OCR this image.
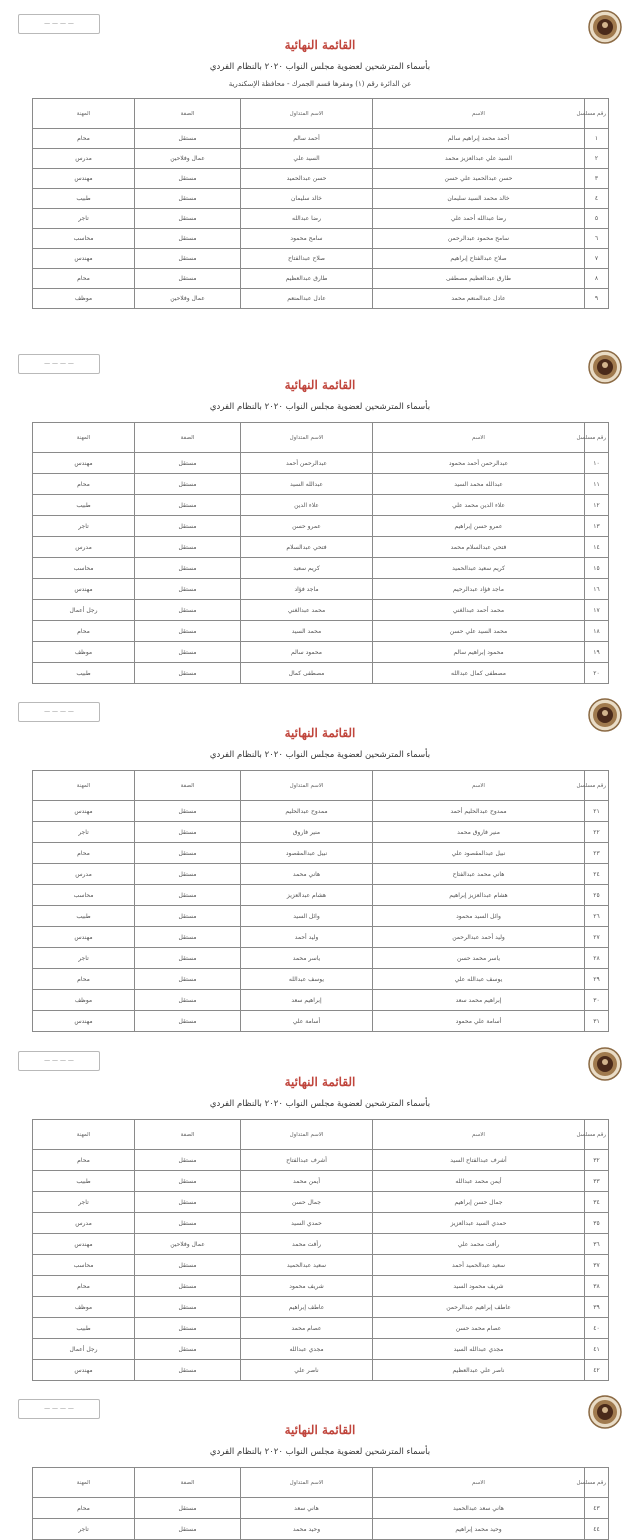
— — — —
القائمة النهائية
بأسماء المترشحين لعضوية مجلس النواب ٢٠٢٠ بالنظام الفردي
عن الدائرة رقم (١) ومقرها قسم الجمرك - محافظة الإسكندرية
رقم مسلسل	الاسم	الاسم المتداول	الصفة	المهنة
١	أحمد محمد إبراهيم سالم	أحمد سالم	مستقل	محام
٢	السيد علي عبدالعزيز محمد	السيد علي	عمال وفلاحين	مدرس
٣	حسن عبدالحميد علي حسن	حسن عبدالحميد	مستقل	مهندس
٤	خالد محمد السيد سليمان	خالد سليمان	مستقل	طبيب
٥	رضا عبدالله أحمد علي	رضا عبدالله	مستقل	تاجر
٦	سامح محمود عبدالرحمن	سامح محمود	مستقل	محاسب
٧	صلاح عبدالفتاح إبراهيم	صلاح عبدالفتاح	مستقل	مهندس
٨	طارق عبدالعظيم مصطفى	طارق عبدالعظيم	مستقل	محام
٩	عادل عبدالمنعم محمد	عادل عبدالمنعم	عمال وفلاحين	موظف
— — — —
القائمة النهائية
بأسماء المترشحين لعضوية مجلس النواب ٢٠٢٠ بالنظام الفردي
رقم مسلسل	الاسم	الاسم المتداول	الصفة	المهنة
١٠	عبدالرحمن أحمد محمود	عبدالرحمن أحمد	مستقل	مهندس
١١	عبدالله محمد السيد	عبدالله السيد	مستقل	محام
١٢	علاء الدين محمد علي	علاء الدين	مستقل	طبيب
١٣	عمرو حسن إبراهيم	عمرو حسن	مستقل	تاجر
١٤	فتحي عبدالسلام محمد	فتحي عبدالسلام	مستقل	مدرس
١٥	كريم سعيد عبدالحميد	كريم سعيد	مستقل	محاسب
١٦	ماجد فؤاد عبدالرحيم	ماجد فؤاد	مستقل	مهندس
١٧	محمد أحمد عبدالغني	محمد عبدالغني	مستقل	رجل أعمال
١٨	محمد السيد علي حسن	محمد السيد	مستقل	محام
١٩	محمود إبراهيم سالم	محمود سالم	مستقل	موظف
٢٠	مصطفى كمال عبدالله	مصطفى كمال	مستقل	طبيب
— — — —
القائمة النهائية
بأسماء المترشحين لعضوية مجلس النواب ٢٠٢٠ بالنظام الفردي
رقم مسلسل	الاسم	الاسم المتداول	الصفة	المهنة
٢١	ممدوح عبدالحليم أحمد	ممدوح عبدالحليم	مستقل	مهندس
٢٢	منير فاروق محمد	منير فاروق	مستقل	تاجر
٢٣	نبيل عبدالمقصود علي	نبيل عبدالمقصود	مستقل	محام
٢٤	هاني محمد عبدالفتاح	هاني محمد	مستقل	مدرس
٢٥	هشام عبدالعزيز إبراهيم	هشام عبدالعزيز	مستقل	محاسب
٢٦	وائل السيد محمود	وائل السيد	مستقل	طبيب
٢٧	وليد أحمد عبدالرحمن	وليد أحمد	مستقل	مهندس
٢٨	ياسر محمد حسن	ياسر محمد	مستقل	تاجر
٢٩	يوسف عبدالله علي	يوسف عبدالله	مستقل	محام
٣٠	إبراهيم محمد سعد	إبراهيم سعد	مستقل	موظف
٣١	أسامة علي محمود	أسامة علي	مستقل	مهندس
— — — —
القائمة النهائية
بأسماء المترشحين لعضوية مجلس النواب ٢٠٢٠ بالنظام الفردي
رقم مسلسل	الاسم	الاسم المتداول	الصفة	المهنة
٣٢	أشرف عبدالفتاح السيد	أشرف عبدالفتاح	مستقل	محام
٣٣	أيمن محمد عبدالله	أيمن محمد	مستقل	طبيب
٣٤	جمال حسن إبراهيم	جمال حسن	مستقل	تاجر
٣٥	حمدي السيد عبدالعزيز	حمدي السيد	مستقل	مدرس
٣٦	رأفت محمد علي	رأفت محمد	عمال وفلاحين	مهندس
٣٧	سعيد عبدالحميد أحمد	سعيد عبدالحميد	مستقل	محاسب
٣٨	شريف محمود السيد	شريف محمود	مستقل	محام
٣٩	عاطف إبراهيم عبدالرحمن	عاطف إبراهيم	مستقل	موظف
٤٠	عصام محمد حسن	عصام محمد	مستقل	طبيب
٤١	مجدي عبدالله السيد	مجدي عبدالله	مستقل	رجل أعمال
٤٢	ناصر علي عبدالعظيم	ناصر علي	مستقل	مهندس
— — — —
القائمة النهائية
بأسماء المترشحين لعضوية مجلس النواب ٢٠٢٠ بالنظام الفردي
رقم مسلسل	الاسم	الاسم المتداول	الصفة	المهنة
٤٣	هاني سعد عبدالحميد	هاني سعد	مستقل	محام
٤٤	وحيد محمد إبراهيم	وحيد محمد	مستقل	تاجر
